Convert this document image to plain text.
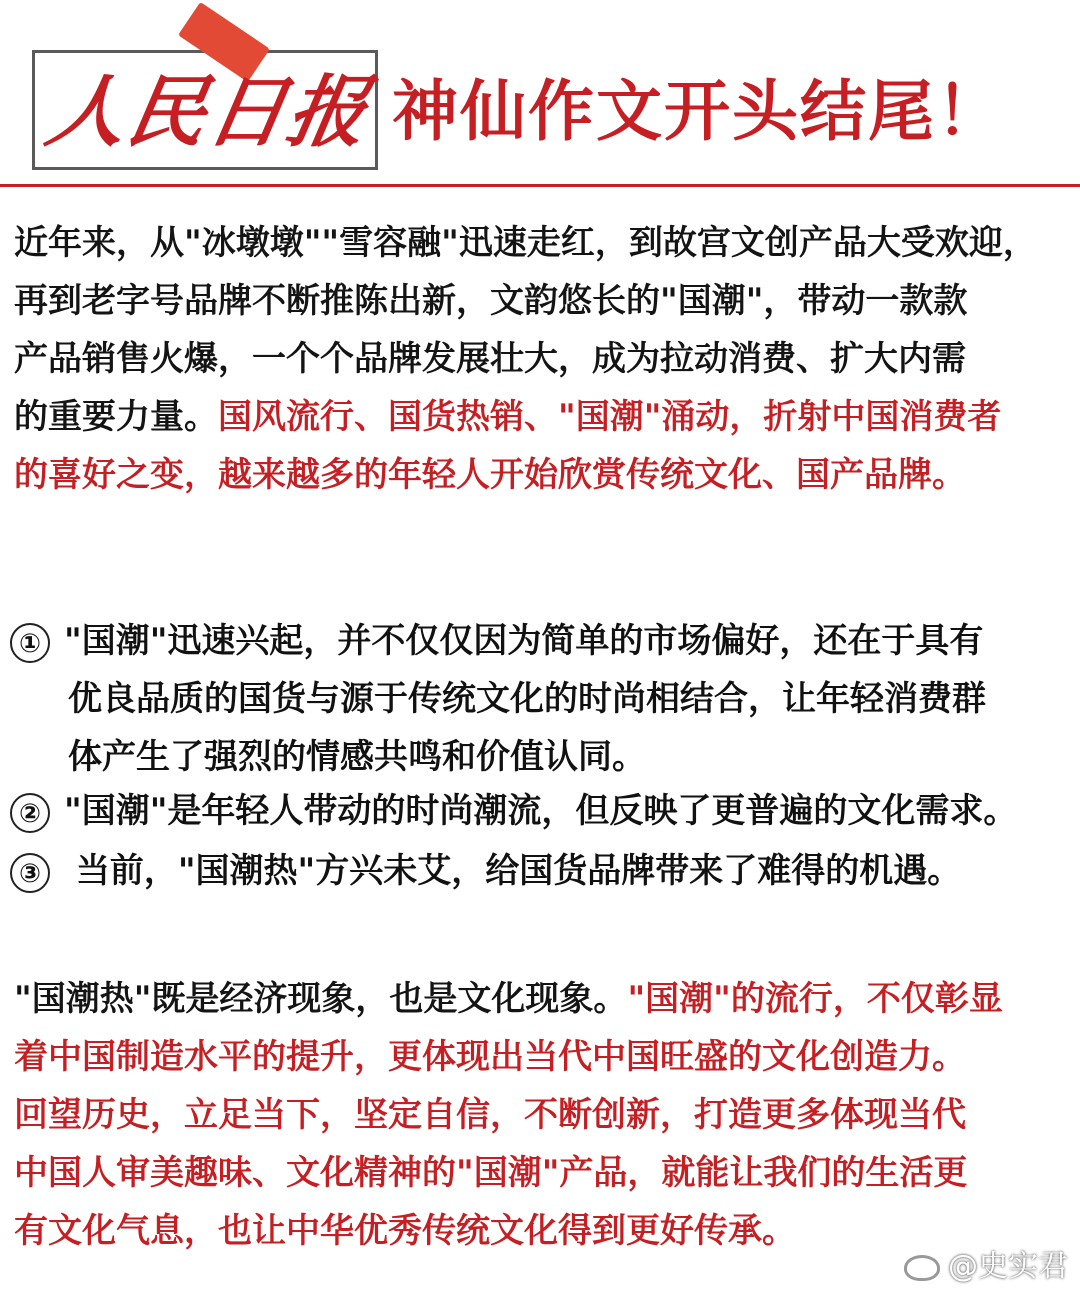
人民日报 神仙作文开头结尾！
近年来，从"冰墩墩""雪容融"迅速走红，到故宫文创产品大受欢迎，
再到老字号品牌不断推陈出新，文韵悠长的"国潮"，带动一款款
产品销售火爆，一个个品牌发展壮大，成为拉动消费、扩大内需
的重要力量。国风流行、国货热销、"国潮"涌动，折射中国消费者
的喜好之变，越来越多的年轻人开始欣赏传统文化、国产品牌。
① "国潮"迅速兴起，并不仅仅因为简单的市场偏好，还在于具有
优良品质的国货与源于传统文化的时尚相结合，让年轻消费群
体产生了强烈的情感共鸣和价值认同。
② "国潮"是年轻人带动的时尚潮流，但反映了更普遍的文化需求。
③ 当前，"国潮热"方兴未艾，给国货品牌带来了难得的机遇。
"国潮热"既是经济现象，也是文化现象。"国潮"的流行，不仅彰显
着中国制造水平的提升，更体现出当代中国旺盛的文化创造力。
回望历史，立足当下，坚定自信，不断创新，打造更多体现当代
中国人审美趣味、文化精神的"国潮"产品，就能让我们的生活更
有文化气息，也让中华优秀传统文化得到更好传承。
@史实君
